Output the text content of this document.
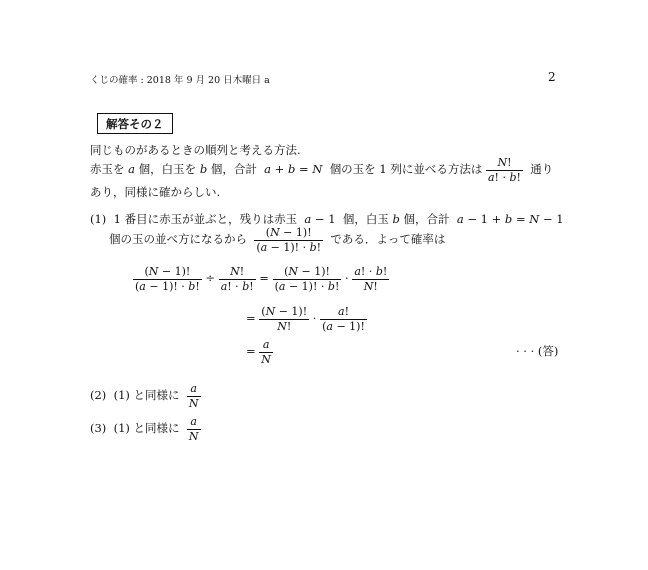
くじの確率 : 2018 年 9 月 20 日木曜日 a	2
解答その２
同じものがあるときの順列と考える方法.
赤玉を a 個，白玉を b 個，合計 a + b = N 個の玉を 1 列に並べる方法は $\frac{N!}{a! \cdot b!}$ 通り
あり，同様に確からしい.
(1) 1 番目に赤玉が並ぶと，残りは赤玉 a − 1  個，白玉 b 個，合計 a − 1 + b = N − 1
個の玉の並べ方になるから $\frac{(N - 1)!}{(a - 1)! \cdot b!}$ である．よって確率は
$\frac{(N - 1)!}{(a - 1)! \cdot b!} \div \frac{N!}{a! \cdot b!} = \frac{(N - 1)!}{(a - 1)! \cdot b!} \cdot \frac{a! \cdot b!}{N!}$
= $\frac{(N - 1)!}{N!} \cdot \frac{a!}{(a - 1)!}$
= $\frac{a}{N}$	· · · (答)
(2) (1) と同様に $\frac{a}{N}$
(3) (1) と同様に $\frac{a}{N}$
